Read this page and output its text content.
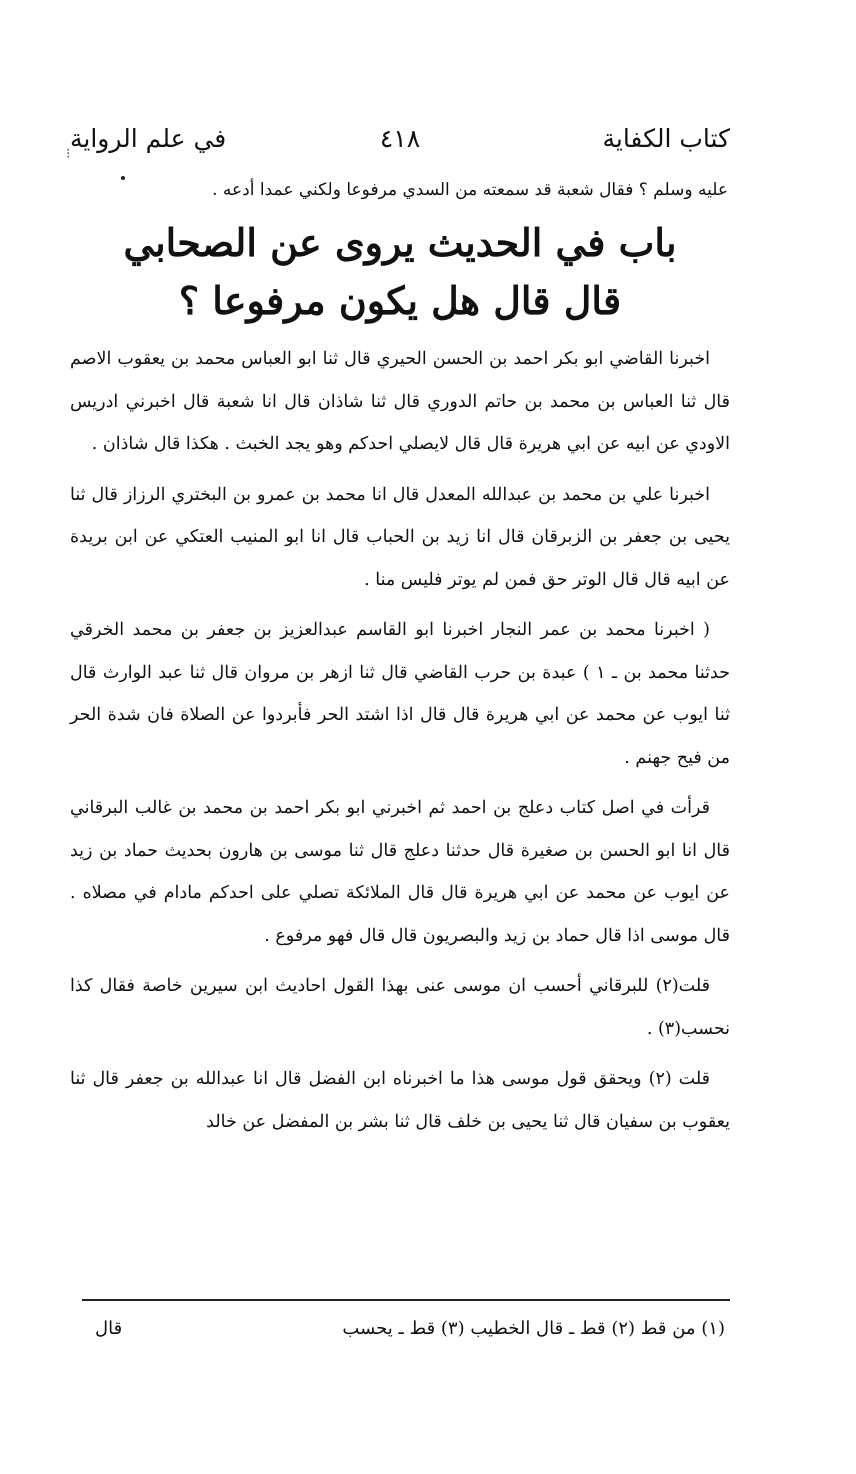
كتاب الكفاية
٤١٨
في علم الرواية
عليه وسلم ؟ فقال شعبة قد سمعته من السدي مرفوعا ولكني عمدا أدعه .
باب في الحديث يروى عن الصحابي
قال قال هل يكون مرفوعا ؟

اخبرنا القاضي ابو بكر احمد بن الحسن الحيري قال ثنا ابو العباس محمد بن يعقوب الاصم قال ثنا العباس بن محمد بن حاتم الدوري قال ثنا شاذان قال انا شعبة قال اخبرني ادريس الاودي عن ابيه عن ابي هريرة قال قال لايصلي احدكم وهو يجد الخبث . هكذا قال شاذان .

اخبرنا علي بن محمد بن عبدالله المعدل قال انا محمد بن عمرو بن البختري الرزاز قال ثنا يحيى بن جعفر بن الزبرقان قال انا زيد بن الحباب قال انا ابو المنيب العتكي عن ابن بريدة عن ابيه قال قال الوتر حق فمن لم يوتر فليس منا .

( اخبرنا محمد بن عمر النجار اخبرنا ابو القاسم عبدالعزيز بن جعفر بن محمد الخرقي حدثنا محمد بن ـ ١ ) عبدة بن حرب القاضي قال ثنا ازهر بن مروان قال ثنا عبد الوارث قال ثنا ايوب عن محمد عن ابي هريرة قال قال اذا اشتد الحر فأبردوا عن الصلاة فان شدة الحر من فيح جهنم .

قرأت في اصل كتاب دعلج بن احمد ثم اخبرني ابو بكر احمد بن محمد بن غالب البرقاني قال انا ابو الحسن بن صغيرة قال حدثنا دعلج قال ثنا موسى بن هارون بحديث حماد بن زيد عن ايوب عن محمد عن ابي هريرة قال قال الملائكة تصلي على احدكم مادام في مصلاه . قال موسى اذا قال حماد بن زيد والبصريون قال قال فهو مرفوع .

قلت(٢) للبرقاني أحسب ان موسى عنى بهذا القول احاديث ابن سيرين خاصة فقال كذا نحسب(٣) .

قلت (٢) ويحقق قول موسى هذا ما اخبرناه ابن الفضل قال انا عبدالله بن جعفر قال ثنا يعقوب بن سفيان قال ثنا يحيى بن خلف قال ثنا بشر بن المفضل عن خالد

⁝
(١) من قط (٢) قط ـ قال الخطيب (٣) قط ـ يحسب
قال
